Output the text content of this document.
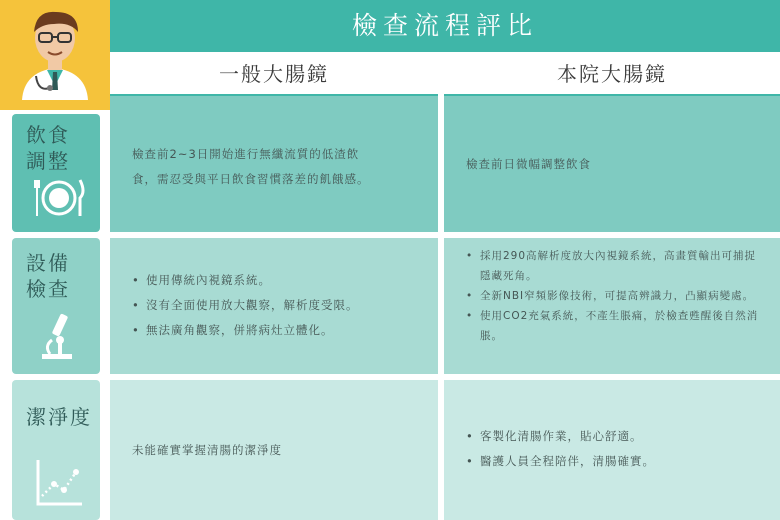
檢查流程評比
一般大腸鏡	本院大腸鏡
飲食
調整	檢查前2~3日開始進行無纖流質的低渣飲
食，需忍受與平日飲食習慣落差的飢餓感。
檢查前日微幅調整飲食
設備
檢查
•	使用傳統內視鏡系統。
• 沒有全面使用放大觀察，解析度受限。
• 無法廣角觀察，併將病灶立體化。
• 採用290高解析度放大內視鏡系統，高畫質輸出可捕捉隱藏死角。
• 全新NBI窄頻影像技術，可提高辨識力，凸顯病變處。
• 使用CO2充氣系統，不產生脹痛，於檢查甦醒後自然消脹。
潔淨度
未能確實掌握清腸的潔淨度
• 客製化清腸作業，貼心舒適。
• 醫護人員全程陪伴，清腸確實。
